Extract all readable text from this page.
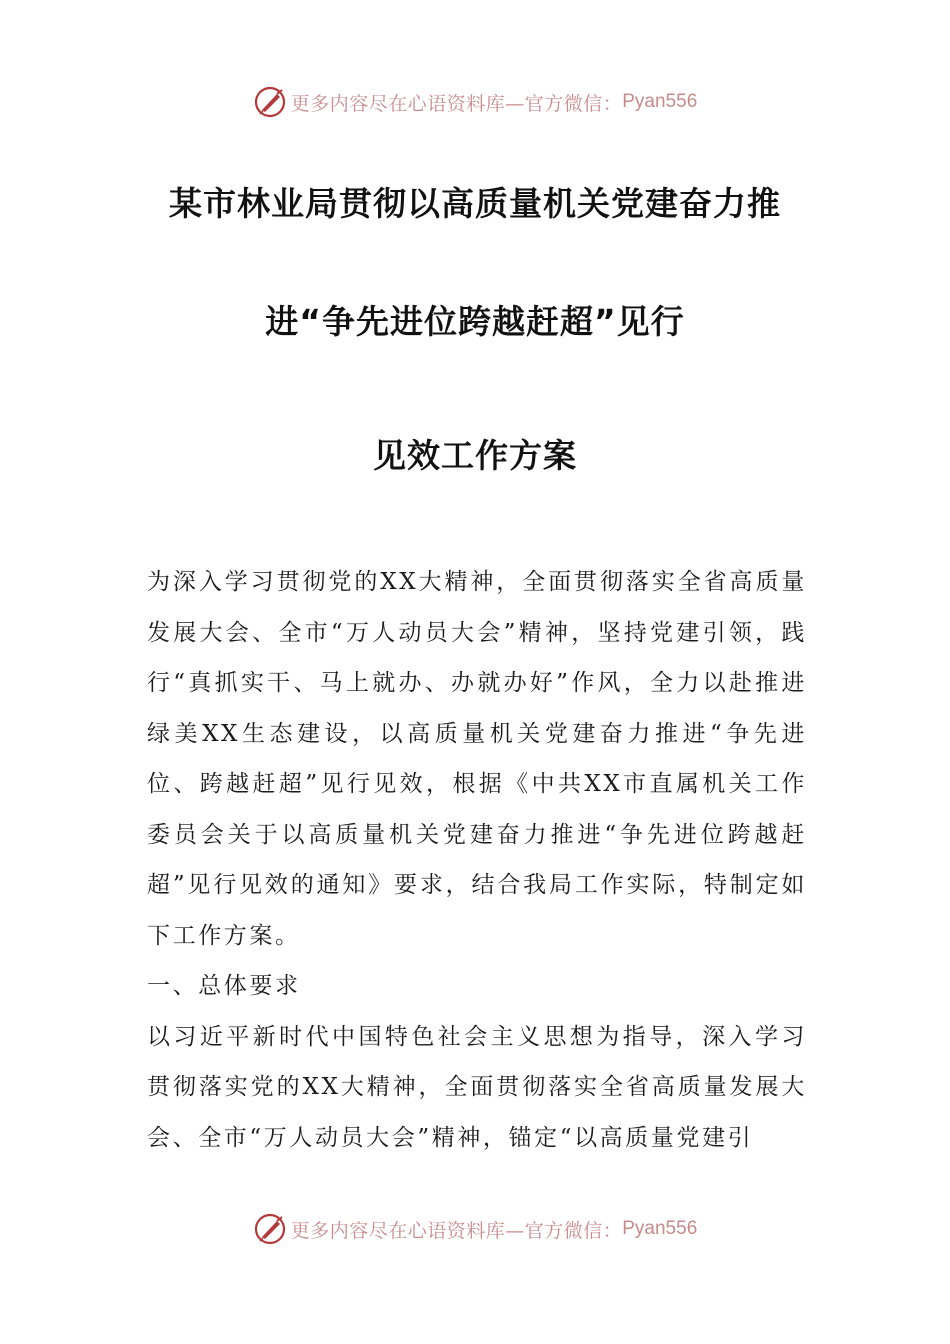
更多内容尽在心语资料库—官方微信： Pyan556
某市林业局贯彻以高质量机关党建奋力推
进“争先进位跨越赶超”见行
见效工作方案

为深入学习贯彻党的XX大精神，全面贯彻落实全省高质量发展大会、全市“万人动员大会”精神，坚持党建引领，践行“真抓实干、马上就办、办就办好”作风，全力以赴推进绿美XX生态建设，以高质量机关党建奋力推进“争先进位、跨越赶超”见行见效，根据《中共XX市直属机关工作委员会关于以高质量机关党建奋力推进“争先进位跨越赶超”见行见效的通知》要求，结合我局工作实际，特制定如下工作方案。

一、总体要求

以习近平新时代中国特色社会主义思想为指导，深入学习贯彻落实党的XX大精神，全面贯彻落实全省高质量发展大会、全市“万人动员大会”精神，锚定“以高质量党建引

更多内容尽在心语资料库—官方微信： Pyan556
